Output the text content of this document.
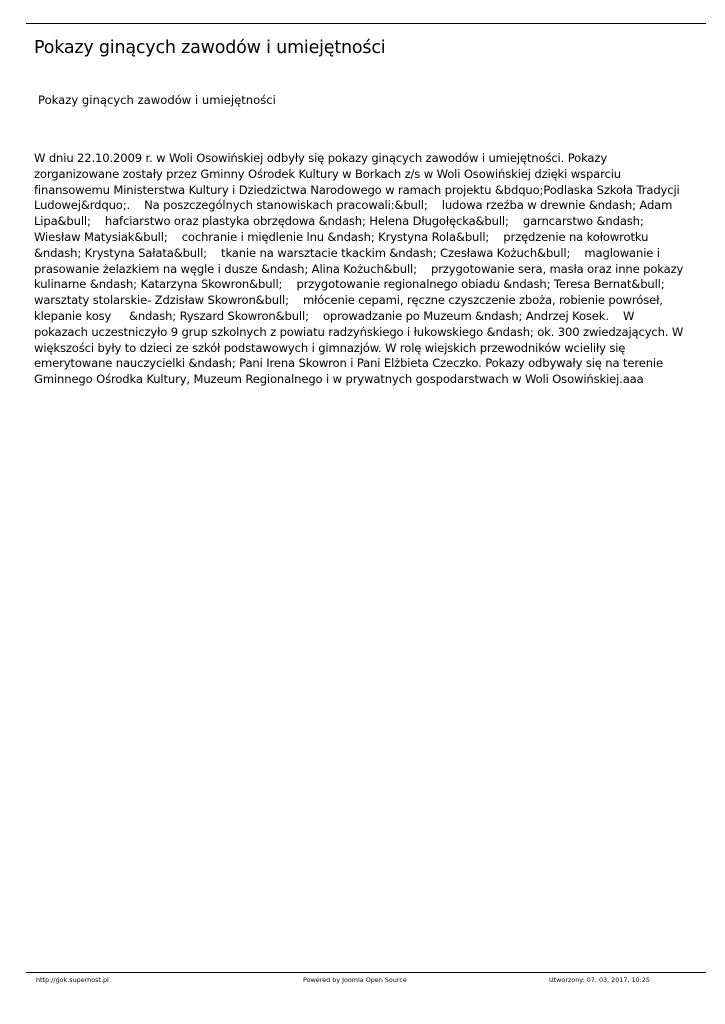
Pokazy ginących zawodów i umiejętności

Pokazy ginących zawodów i umiejętności

W dniu 22.10.2009 r. w Woli Osowińskiej odbyły się pokazy ginących zawodów i umiejętności. Pokazy zorganizowane zostały przez Gminny Ośrodek Kultury w Borkach z/s w Woli Osowińskiej dzięki wsparciu finansowemu Ministerstwa Kultury i Dziedzictwa Narodowego w ramach projektu &bdquo;Podlaska Szkoła Tradycji Ludowej&rdquo;.    Na poszczególnych stanowiskach pracowali:&bull;    ludowa rzeźba w drewnie &ndash; Adam Lipa&bull;    hafciarstwo oraz plastyka obrzędowa &ndash; Helena Długołęcka&bull;    garncarstwo &ndash; Wiesław Matysiak&bull;    cochranie i międlenie lnu &ndash; Krystyna Rola&bull;    przędzenie na kołowrotku &ndash; Krystyna Sałata&bull;    tkanie na warsztacie tkackim &ndash; Czesława Kożuch&bull;    maglowanie i prasowanie żelazkiem na węgle i dusze &ndash; Alina Kożuch&bull;    przygotowanie sera, masła oraz inne pokazy kulinarne &ndash; Katarzyna Skowron&bull;    przygotowanie regionalnego obiadu &ndash; Teresa Bernat&bull;    warsztaty stolarskie- Zdzisław Skowron&bull;    młócenie cepami, ręczne czyszczenie zboża, robienie powróseł, klepanie kosy     &ndash; Ryszard Skowron&bull;    oprowadzanie po Muzeum &ndash; Andrzej Kosek.    W pokazach uczestniczyło 9 grup szkolnych z powiatu radzyńskiego i łukowskiego &ndash; ok. 300 zwiedzających. W większości były to dzieci ze szkół podstawowych i gimnazjów. W rolę wiejskich przewodników wcieliły się emerytowane nauczycielki &ndash; Pani Irena Skowron i Pani Elżbieta Czeczko. Pokazy odbywały się na terenie Gminnego Ośrodka Kultury, Muzeum Regionalnego i w prywatnych gospodarstwach w Woli Osowińskiej.aaa

http://gok.superhost.pl	Powered by Joomla Open Source	Utworzony: 07. 03. 2017, 10:25
